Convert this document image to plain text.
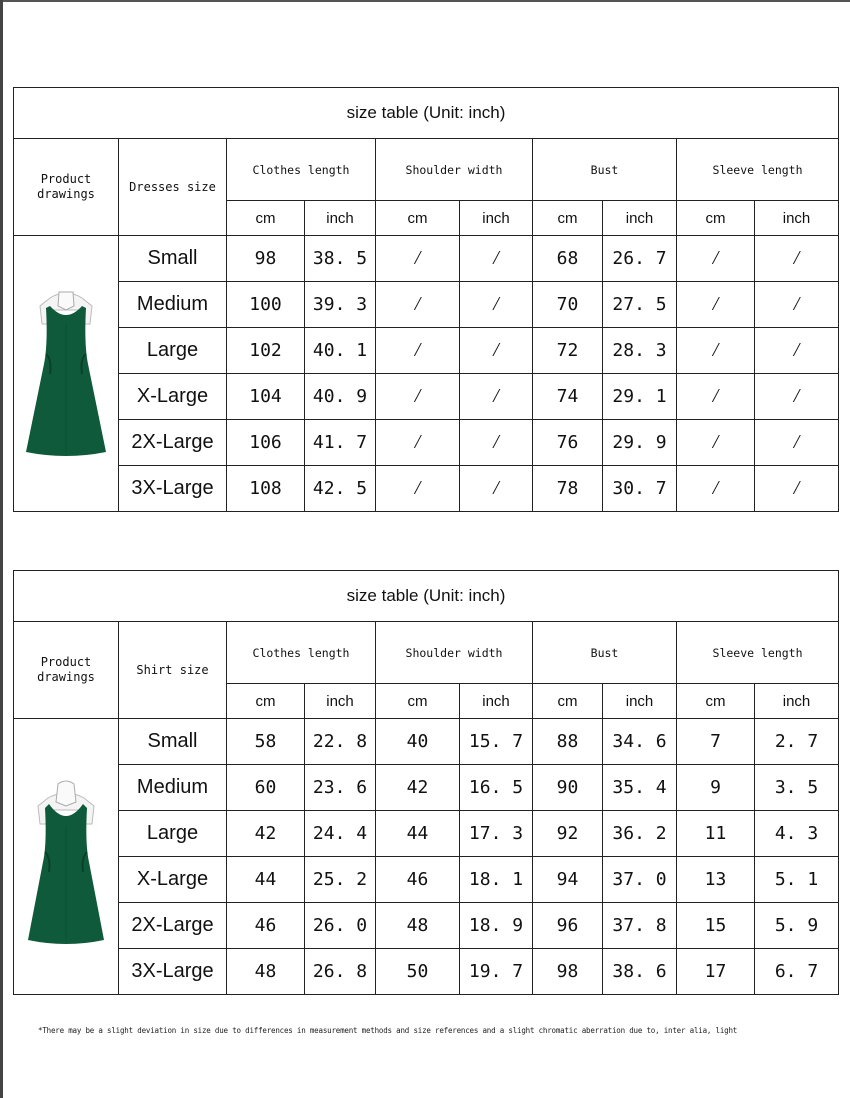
size table (Unit: inch)									
Product drawings	Dresses size	Clothes length		Shoulder width		Bust		Sleeve length	
		cm	inch	cm	inch	cm	inch	cm	inch

	Small	98	38. 5	/	/	68	26. 7	/	/
	Medium	100	39. 3	/	/	70	27. 5	/	/
	Large	102	40. 1	/	/	72	28. 3	/	/
	X-Large	104	40. 9	/	/	74	29. 1	/	/
	2X-Large	106	41. 7	/	/	76	29. 9	/	/
	3X-Large	108	42. 5	/	/	78	30. 7	/	/
size table (Unit: inch)									
Product drawings	Shirt size	Clothes length		Shoulder width		Bust		Sleeve length	
		cm	inch	cm	inch	cm	inch	cm	inch

	Small	58	22. 8	40	15. 7	88	34. 6	7	2. 7
	Medium	60	23. 6	42	16. 5	90	35. 4	9	3. 5
	Large	42	24. 4	44	17. 3	92	36. 2	11	4. 3
	X-Large	44	25. 2	46	18. 1	94	37. 0	13	5. 1
	2X-Large	46	26. 0	48	18. 9	96	37. 8	15	5. 9
	3X-Large	48	26. 8	50	19. 7	98	38. 6	17	6. 7
*There may be a slight deviation in size due to differences in measurement methods and size references and a slight chromatic aberration due to, inter alia, light
